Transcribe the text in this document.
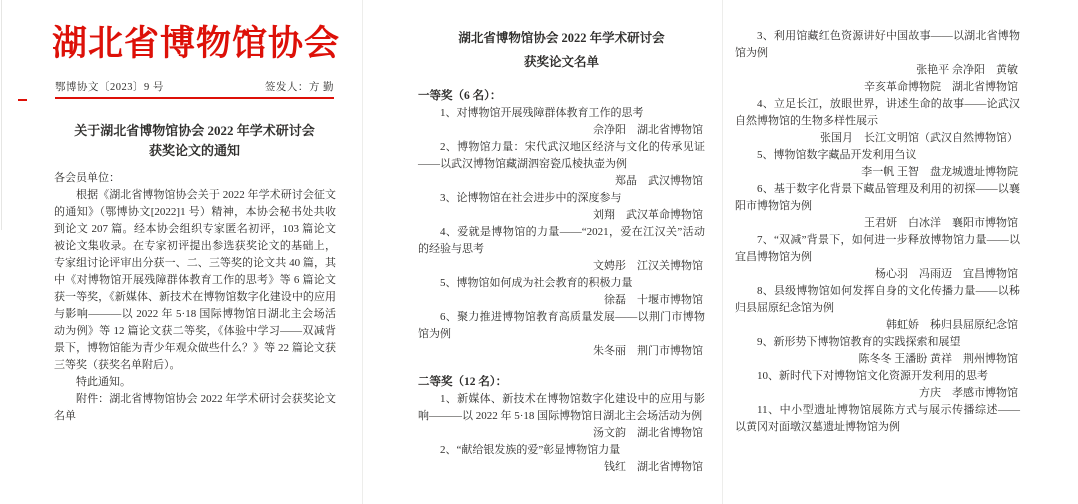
湖北省博物馆协会
鄂博协文〔2023〕9 号	签发人：方 勤
关于湖北省博物馆协会 2022 年学术研讨会
获奖论文的通知

各会员单位：

根据《湖北省博物馆协会关于 2022 年学术研讨会征文的通知》（鄂博协文[2022]1 号）精神，本协会秘书处共收到论文 207 篇。经本协会组织专家匿名初评，103 篇论文被论文集收录。在专家初评提出参选获奖论文的基础上，专家组讨论评审出分获一、二、三等奖的论文共 40 篇，其中《对博物馆开展残障群体教育工作的思考》等 6 篇论文获一等奖，《新媒体、新技术在博物馆数字化建设中的应用与影响———以 2022 年 5·18 国际博物馆日湖北主会场活动为例》等 12 篇论文获二等奖，《体验中学习——双减背景下，博物馆能为青少年观众做些什么？》等 22 篇论文获三等奖（获奖名单附后）。

特此通知。

附件：湖北省博物馆协会 2022 年学术研讨会获奖论文名单

湖北省博物馆协会 2022 年学术研讨会
获奖论文名单

一等奖（6 名）：

1、对博物馆开展残障群体教育工作的思考

佘净阳　湖北省博物馆

2、博物馆力量：宋代武汉地区经济与文化的传承见证——以武汉博物馆藏湖泗窑瓷瓜棱执壶为例

郑晶　武汉博物馆

3、论博物馆在社会进步中的深度参与

刘翔　武汉革命博物馆

4、爱就是博物馆的力量——“2021，爱在江汉关”活动的经验与思考

文娉彤　江汉关博物馆

5、博物馆如何成为社会教育的积极力量

徐磊　十堰市博物馆

6、聚力推进博物馆教育高质量发展——以荆门市博物馆为例

朱冬丽　荆门市博物馆

二等奖（12 名）：

1、新媒体、新技术在博物馆数字化建设中的应用与影响———以 2022 年 5·18 国际博物馆日湖北主会场活动为例

汤文韵　湖北省博物馆

2、“献给银发族的爱”彰显博物馆力量

钱红　湖北省博物馆

3、利用馆藏红色资源讲好中国故事——以湖北省博物馆为例

张艳平 佘净阳　黄敏

辛亥革命博物院　湖北省博物馆

4、立足长江，放眼世界，讲述生命的故事——论武汉自然博物馆的生物多样性展示

张国月　长江文明馆（武汉自然博物馆）

5、博物馆数字藏品开发利用刍议

李一帆 王智　盘龙城遗址博物院

6、基于数字化背景下藏品管理及利用的初探——以襄阳市博物馆为例

王君妍　白冰洋　襄阳市博物馆

7、“双减”背景下，如何进一步释放博物馆力量——以宜昌博物馆为例

杨心羽　冯雨迈　宜昌博物馆

8、县级博物馆如何发挥自身的文化传播力量——以秭归县屈原纪念馆为例

韩虹娇　秭归县屈原纪念馆

9、新形势下博物馆教育的实践探索和展望

陈冬冬 王潘盼 黄祥　荆州博物馆

10、新时代下对博物馆文化资源开发利用的思考

方庆　孝感市博物馆

11、中小型遗址博物馆展陈方式与展示传播综述——以黄冈对面墩汉墓遗址博物馆为例
